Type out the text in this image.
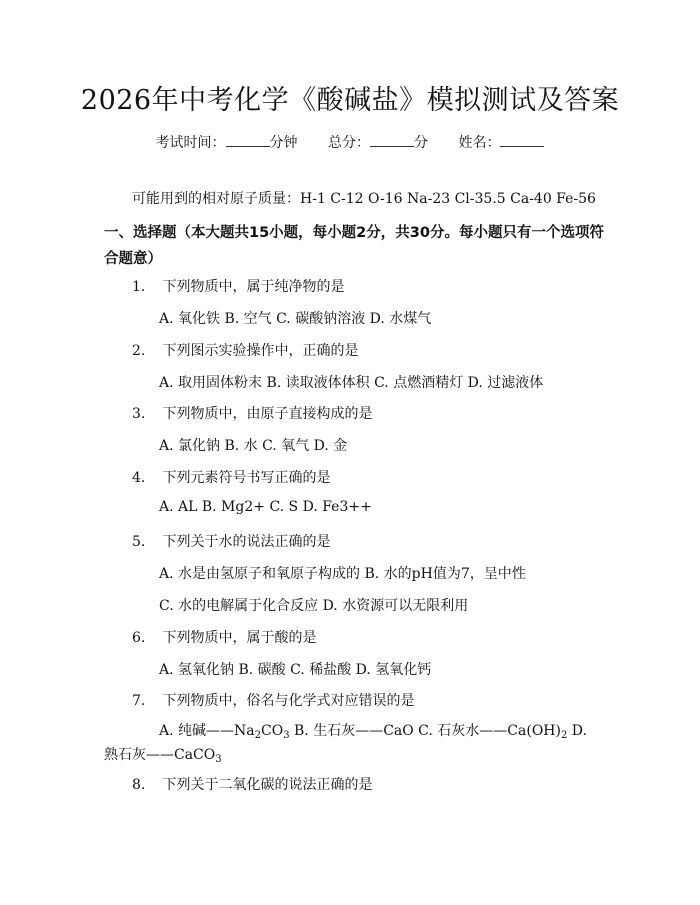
2026年中考化学《酸碱盐》模拟测试及答案
考试时间：	分钟 总分：	分 姓名：
可能用到的相对原子质量：H-1 C-12 O-16 Na-23 Cl-35.5 Ca-40 Fe-56
一、选择题（本大题共15小题，每小题2分，共30分。每小题只有一个选项符合题意）
1. 下列物质中，属于纯净物的是
A. 氧化铁 B. 空气 C. 碳酸钠溶液 D. 水煤气
2. 下列图示实验操作中，正确的是
A. 取用固体粉末 B. 读取液体体积 C. 点燃酒精灯 D. 过滤液体
3. 下列物质中，由原子直接构成的是
A. 氯化钠 B. 水 C. 氧气 D. 金
4. 下列元素符号书写正确的是
A. AL B. Mg2+ C. S D. Fe3++
5. 下列关于水的说法正确的是
A. 水是由氢原子和氧原子构成的 B. 水的pH值为7，呈中性
C. 水的电解属于化合反应 D. 水资源可以无限利用
6. 下列物质中，属于酸的是
A. 氢氧化钠 B. 碳酸 C. 稀盐酸 D. 氢氧化钙
7. 下列物质中，俗名与化学式对应错误的是
A. 纯碱$——Na_2CO_3$ B. 生石灰——CaO C. 石灰水$——Ca(OH)_2$ D. 熟石灰——CaCO$_3$
8. 下列关于二氧化碳的说法正确的是
